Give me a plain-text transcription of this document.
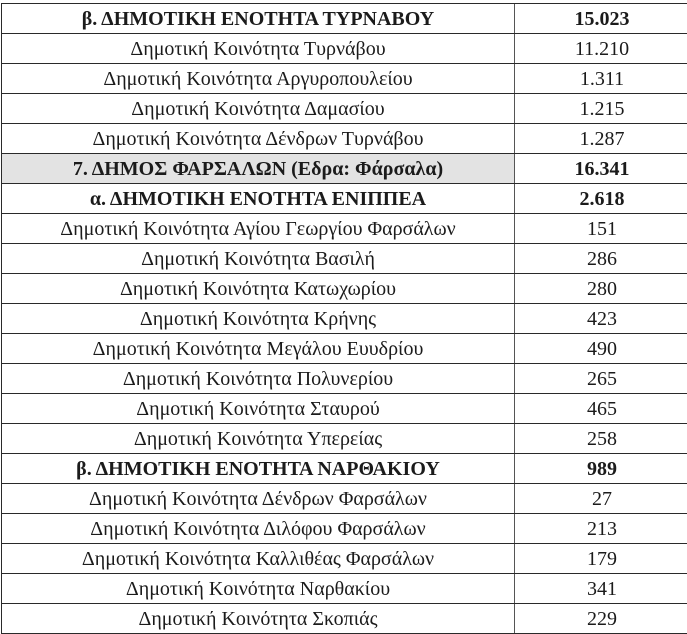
β. ΔΗΜΟΤΙΚΗ ΕΝΟΤΗΤΑ ΤΥΡΝΑΒΟΥ	15.023
Δημοτική Κοινότητα Τυρνάβου	11.210
Δημοτική Κοινότητα Αργυροπουλείου	1.311
Δημοτική Κοινότητα Δαμασίου	1.215
Δημοτική Κοινότητα Δένδρων Τυρνάβου	1.287
7. ΔΗΜΟΣ ΦΑΡΣΑΛΩΝ (Εδρα: Φάρσαλα)	16.341
α. ΔΗΜΟΤΙΚΗ ΕΝΟΤΗΤΑ ΕΝΙΠΠΕΑ	2.618
Δημοτική Κοινότητα Αγίου Γεωργίου Φαρσάλων	151
Δημοτική Κοινότητα Βασιλή	286
Δημοτική Κοινότητα Κατωχωρίου	280
Δημοτική Κοινότητα Κρήνης	423
Δημοτική Κοινότητα Μεγάλου Ευυδρίου	490
Δημοτική Κοινότητα Πολυνερίου	265
Δημοτική Κοινότητα Σταυρού	465
Δημοτική Κοινότητα Υπερείας	258
β. ΔΗΜΟΤΙΚΗ ΕΝΟΤΗΤΑ ΝΑΡΘΑΚΙΟΥ	989
Δημοτική Κοινότητα Δένδρων Φαρσάλων	27
Δημοτική Κοινότητα Διλόφου Φαρσάλων	213
Δημοτική Κοινότητα Καλλιθέας Φαρσάλων	179
Δημοτική Κοινότητα Ναρθακίου	341
Δημοτική Κοινότητα Σκοπιάς	229
